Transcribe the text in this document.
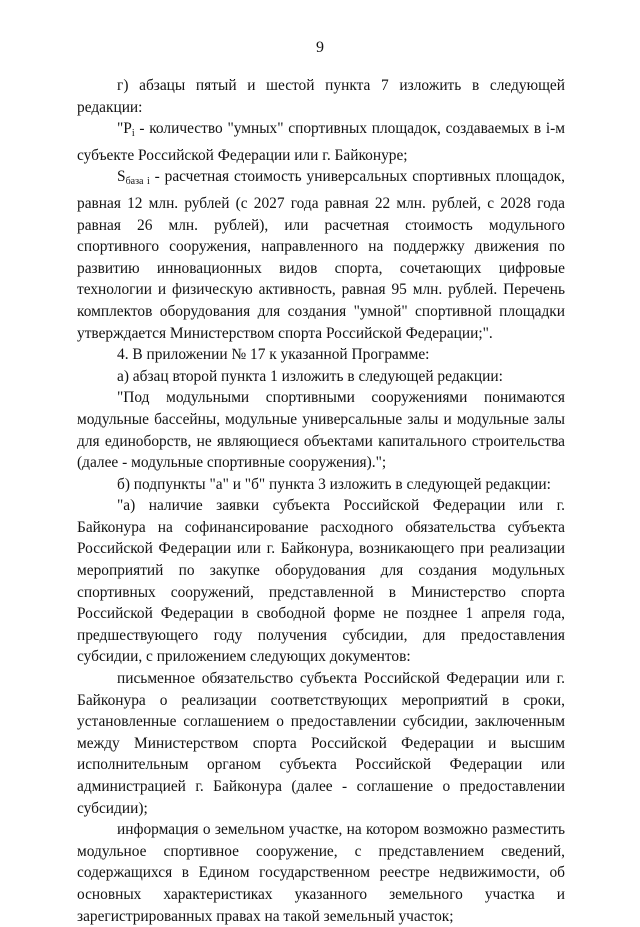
9

г) абзацы пятый и шестой пункта 7 изложить в следующей редакции:

"$P_i$ - количество "умных" спортивных площадок, создаваемых в i-м субъекте Российской Федерации или г. Байконуре;

$S_{база i}$ - расчетная стоимость универсальных спортивных площадок, равная 12 млн. рублей (с 2027 года равная 22 млн. рублей, с 2028 года равная 26 млн. рублей), или расчетная стоимость модульного спортивного сооружения, направленного на поддержку движения по развитию инновационных видов спорта, сочетающих цифровые технологии и физическую активность, равная 95 млн. рублей. Перечень комплектов оборудования для создания "умной" спортивной площадки утверждается Министерством спорта Российской Федерации;".

4. В приложении № 17 к указанной Программе:

а) абзац второй пункта 1 изложить в следующей редакции:

"Под модульными спортивными сооружениями понимаются модульные бассейны, модульные универсальные залы и модульные залы для единоборств, не являющиеся объектами капитального строительства (далее - модульные спортивные сооружения).";

б) подпункты "а" и "б" пункта 3 изложить в следующей редакции:

"а) наличие заявки субъекта Российской Федерации или г. Байконура на софинансирование расходного обязательства субъекта Российской Федерации или г. Байконура, возникающего при реализации мероприятий по закупке оборудования для создания модульных спортивных сооружений, представленной в Министерство спорта Российской Федерации в свободной форме не позднее 1 апреля года, предшествующего году получения субсидии, для предоставления субсидии, с приложением следующих документов:

письменное обязательство субъекта Российской Федерации или г. Байконура о реализации соответствующих мероприятий в сроки, установленные соглашением о предоставлении субсидии, заключенным между Министерством спорта Российской Федерации и высшим исполнительным органом субъекта Российской Федерации или администрацией г. Байконура (далее - соглашение о предоставлении субсидии);

информация о земельном участке, на котором возможно разместить модульное спортивное сооружение, с представлением сведений, содержащихся в Едином государственном реестре недвижимости, об основных характеристиках указанного земельного участка и зарегистрированных правах на такой земельный участок;
